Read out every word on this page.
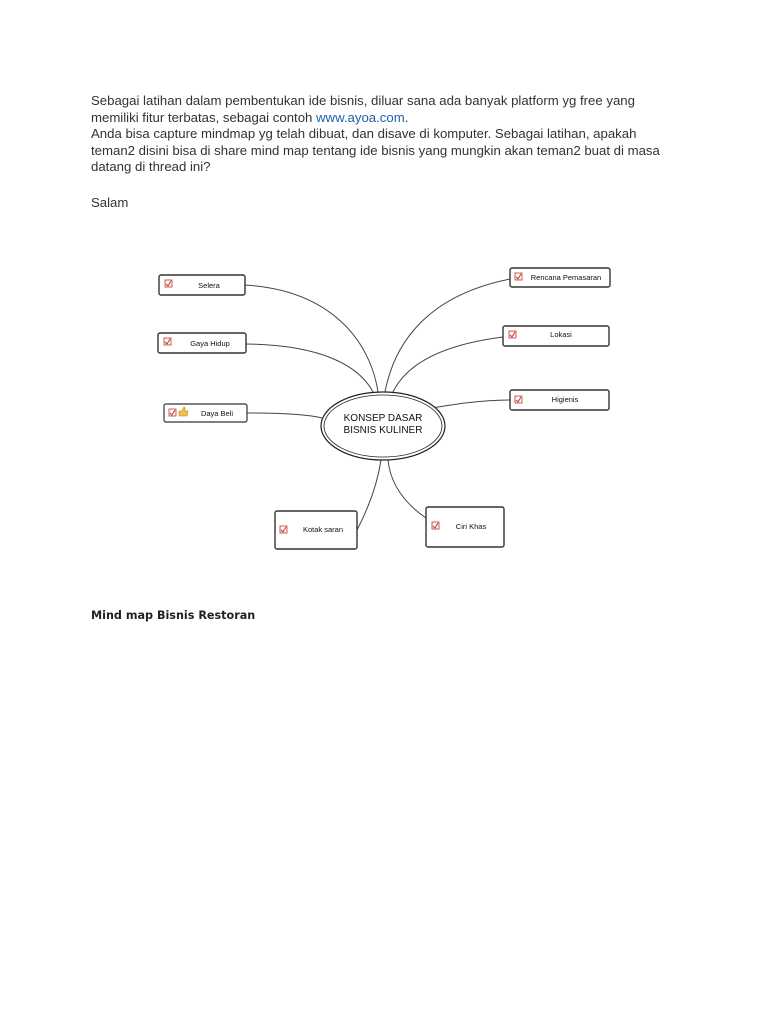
Sebagai latihan dalam pembentukan ide bisnis, diluar sana ada banyak platform yg free yang
memiliki fitur terbatas, sebagai contoh www.ayoa.com.
Anda bisa capture mindmap yg telah dibuat, dan disave di komputer. Sebagai latihan, apakah
teman2 disini bisa di share mind map tentang ide bisnis yang mungkin akan teman2 buat di masa
datang di thread ini?
Salam
KONSEP DASAR
BISNIS KULINER
Selera
Gaya Hidup
Daya Beli
Kotak saran
Rencana Pemasaran
Lokasi
Higienis
Ciri Khas

Mind map Bisnis Restoran
